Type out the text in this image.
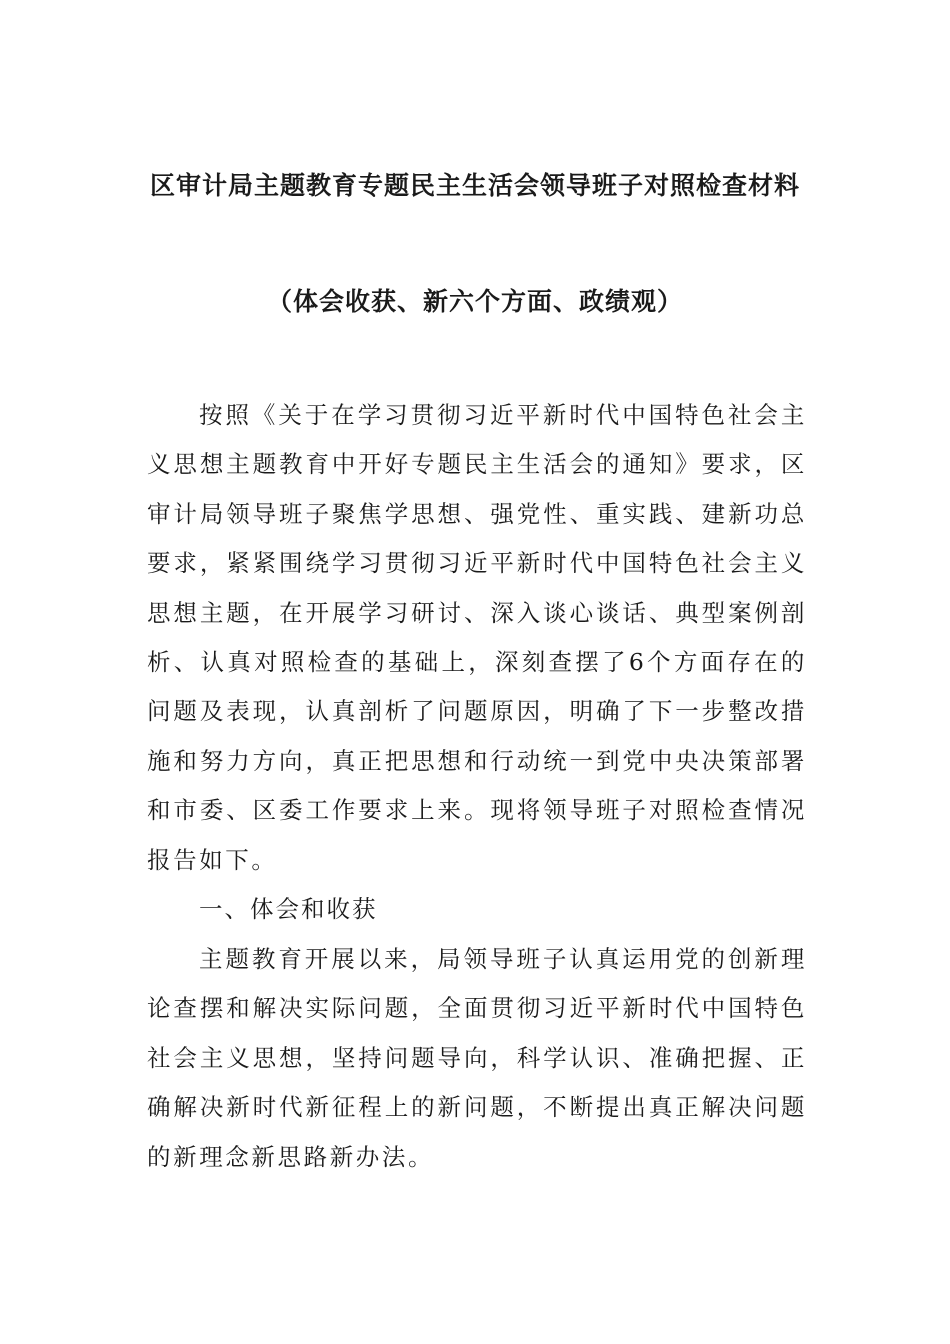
区审计局主题教育专题民主生活会领导班子对照检查材料
（体会收获、新六个方面、政绩观）

按照《关于在学习贯彻习近平新时代中国特色社会主义思想主题教育中开好专题民主生活会的通知》要求，区审计局领导班子聚焦学思想、强党性、重实践、建新功总要求，紧紧围绕学习贯彻习近平新时代中国特色社会主义思想主题，在开展学习研讨、深入谈心谈话、典型案例剖析、认真对照检查的基础上，深刻查摆了6个方面存在的问题及表现，认真剖析了问题原因，明确了下一步整改措施和努力方向，真正把思想和行动统一到党中央决策部署和市委、区委工作要求上来。现将领导班子对照检查情况报告如下。

一、体会和收获

主题教育开展以来，局领导班子认真运用党的创新理论查摆和解决实际问题，全面贯彻习近平新时代中国特色社会主义思想，坚持问题导向，科学认识、准确把握、正确解决新时代新征程上的新问题，不断提出真正解决问题的新理念新思路新办法。
